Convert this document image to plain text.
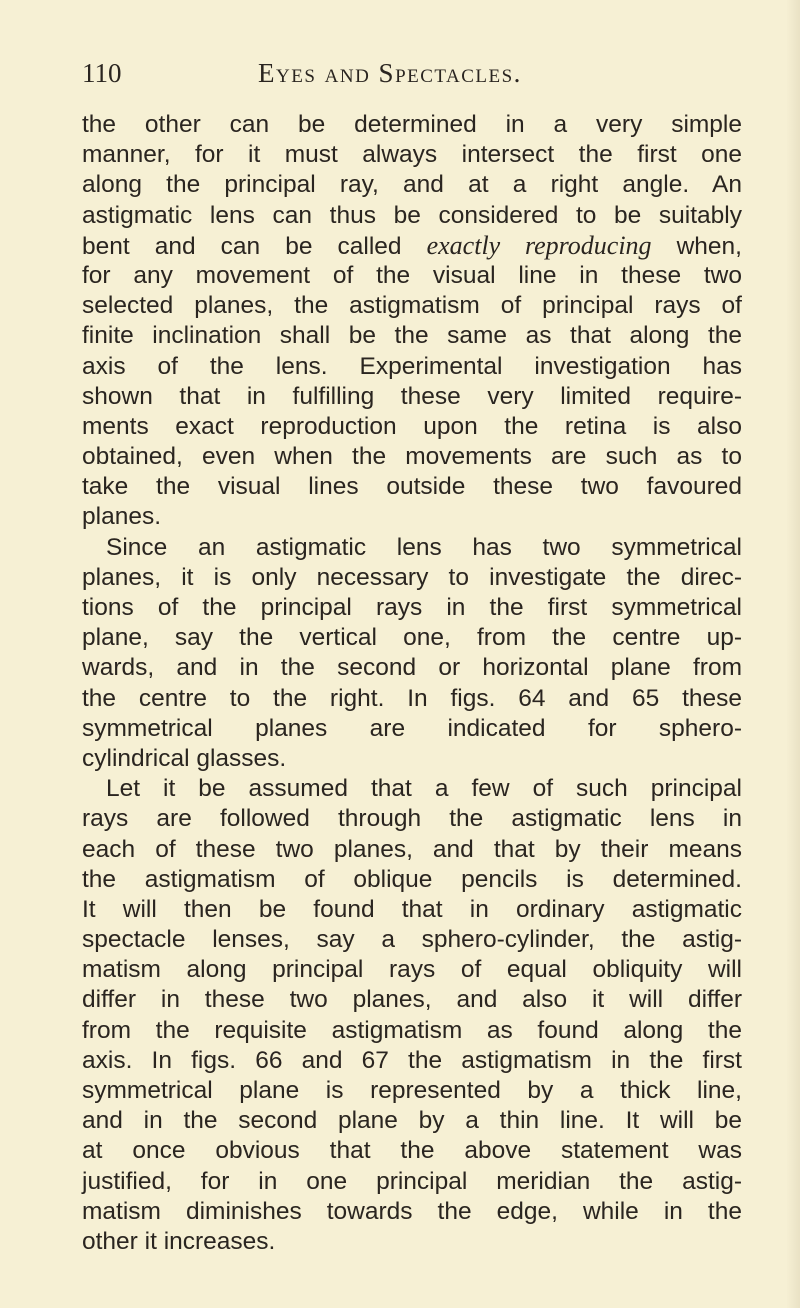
110	Eyes and Spectacles.
the other can be determined in a very simple
manner, for it must always intersect the first one
along the principal ray, and at a right angle. An
astigmatic lens can thus be considered to be suitably
bent and can be called exactly reproducing when,
for any movement of the visual line in these two
selected planes, the astigmatism of principal rays of
finite inclination shall be the same as that along the
axis of the lens. Experimental investigation has
shown that in fulfilling these very limited require-
ments exact reproduction upon the retina is also
obtained, even when the movements are such as to
take the visual lines outside these two favoured
planes.
Since an astigmatic lens has two symmetrical
planes, it is only necessary to investigate the direc-
tions of the principal rays in the first symmetrical
plane, say the vertical one, from the centre up-
wards, and in the second or horizontal plane from
the centre to the right. In figs. 64 and 65 these
symmetrical planes are indicated for sphero-
cylindrical glasses.
Let it be assumed that a few of such principal
rays are followed through the astigmatic lens in
each of these two planes, and that by their means
the astigmatism of oblique pencils is determined.
It will then be found that in ordinary astigmatic
spectacle lenses, say a sphero-cylinder, the astig-
matism along principal rays of equal obliquity will
differ in these two planes, and also it will differ
from the requisite astigmatism as found along the
axis. In figs. 66 and 67 the astigmatism in the first
symmetrical plane is represented by a thick line,
and in the second plane by a thin line. It will be
at once obvious that the above statement was
justified, for in one principal meridian the astig-
matism diminishes towards the edge, while in the
other it increases.
